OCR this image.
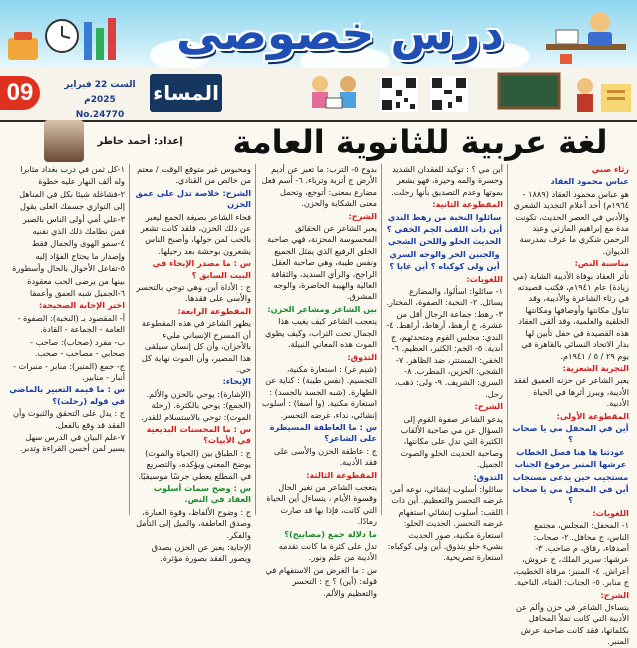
درس خصوصى
09	الست 22 فبراير 2025م
No.24770
المساء
لغة عربية للثانوية العامة
إعداد: أحمد خاطر

رثاء صبي

عباس محمود العقاد

هو عباس محمود العقاد (١٨٨٩ - ١٩٦٤م) أحد أعلام التجديد الشعري والأدبي في العصر الحديث، تكونت مدة مع إبراهيم المازني وعبد الرحمن شكري ما عرف بمدرسة الديوان.

مناسبة النص:

تأثر العقاد بوفاة الأديبة الشابة (مي زيادة) عام ١٩٤١م، فكتب قصيدته في رثاء الشاعرة والأديبة، وقد تناول مكانتها وأوصافها ومكانتها الخلقية والعلمية، وقد ألقى العقاد هذه القصيدة في حفل تأبين لها بدار الاتحاد النسائي بالقاهرة في يوم ٢٩ / ٥ / ١٩٤١م.

التجربة الشعرية:

يعبر الشاعر عن حزنه العميق لفقد الأديبة، ويبرز أثرها في الحياة الأدبية.

المقطوعة الأولى:

أين في المحفل مي يا صحاب ؟

عودتنا ها هنا فصل الخطاب

عرشها المنبر مرفوع الجناب

مستجيب حين يدعى مستجاب

أين في المحفل مي يا صحاب ؟

اللغويات:

١- المحفل: المجلس، مجتمع الناس، ج محافل. ٢- صحاب: أصدقاء، رفاق، م صاحب. ٣- عرشها: سرير الملك، ج عروش، أعراش. ٤- المنبر: مرقاة الخطيب، ج منابر. ٥- الجناب: الفناء، الناحية.

الشرح:

يتساءل الشاعر في حزن وألم عن الأديبة التي كانت تملأ المحافل بكلماتها، فقد كانت صاحبة عرش المنبر.

أين مي ؟ : توكيد للفقدان الشديد وحسرة والمه وحيرة، فهو يشعر بموتها وعدم التصديق بأنها رحلت.

المقطوعة الثانية:

سائلوا النخبة من رهط الندي

أين ذات اللقب الجم الخفي ؟

الحديث الحلو واللحن الشجي

والجبين الحر والوجه السري

أين ولى كوكباه ؟ أين غابا ؟

اللغويات:

١- سائلوا: اسألوا، والمضارع يسائل. ٢- النخبة: الصفوة، المختار. ٣- رهط: جماعة الرجال أقل من عشرة، ج أرهط، أرهاط، أراهط. ٤- الندي: مجلس القوم ومتحدثهم، ج أندية. ٥- الجم: الكثير، العظيم. ٦- الخفي: المستتر، ضد الظاهر. ٧- الشجي: الحزين، المطرب. ٨- السري: الشريف. ٩- ولى: ذهب، رحل.

الشرح:

يدعو الشاعر صفوة القوم إلى السؤال عن مي صاحبة الألقاب الكثيرة التي تدل على مكانتها، وصاحبة الحديث الحلو والصوت الجميل.

التذوق:

سائلوا: أسلوب إنشائي، نوعه أمر، غرضه التحسر والتعظيم. أين ذات اللقب: أسلوب إنشائي استفهام غرضه التحسر. الحديث الحلو: استعارة مكنية، صور الحديث بشيء حلو يتذوق. أين ولى كوكباه: استعارة تصريحية.

بدوح ٥- الترب: ما تعبر عن أديم الأرض ج أتربة وترباء. ٦- أسم فعل مضارع بمعنى: أتوجع، وتحمل معنى الشكاية والحزن.

الشرح:

يعبر الشاعر عن الحقائق المحسوسة المحزنة، فهي صاحبة الخلق الرفيع الذي يمثل الجميع ونفس طيبة، وهي صاحبة العقل الراجح، والرأي السديد، والثقافة العالية والهيبة الحاضرة، والوجه المشرق.

بين الشاعر ومشاعر الحزن:

يتعجب الشاعر كيف يغيب هذا الجمال تحت التراب، وكيف يطوي الموت هذه المعاني النبيلة.

التذوق:

(شيم غر) : استعارة مكنية، التجسيم. (نفس طيبة) : كناية عن الطهارة. (شبه الجسد بالجسد) : استعارة مكنية. (وا أسفا) : أسلوب إنشائي، نداء، غرضه التحسر.

س : ما العاطفة المسيطرة على الشاعر؟

ج : عاطفة الحزن والأسى على فقد الأديبة.

المقطوعة الثالثة:

يتعجب الشاعر من تغير الحال وقسوة الأيام ، يتساءل أين الحياة التي كانت، فإذا بها قد صارت رمادًا.

ما دلالة جمع (مصابيح)؟

تدل على كثرة ما كانت تقدمه الأديبة من علم ونور.

س : ما الغرض من الاستفهام في قوله: (أين) ؟ ج : التحسر والتعظيم والألم.

ومحبوس غير متوقع الوقت / معتم من خالص من القنادي.

الشرح: خلاصة تدل على عمق الحزن

فجاء الشاعر بصيغة الجمع ليعبر عن ذلك الحزن، فلقد كانت تشعر بالحب لمن حولها، وأصبح الناس يشعرون بوحشة بعد رحيلها.

س : ما مصدر الإيحاء في البيت السابق ؟

ج : الأداة أين، وهي توحي بالتحسر والأسى على فقدها.

المقطوعة الرابعة:

يظهر الشاعر في هذه المقطوعة أن المسرح الإنساني مليء بالأحزان، وأن كل إنسان سيلقى هذا المصير، وأن الموت نهاية كل حي.

الإيحاء:

(الإشارة): يوحي بالحزن والألم. (الجمع): يوحي بالكثرة. (رحلة الموت): توحي بالاستسلام للقدر.

س : ما المحسنات البديعية في الأبيات؟

ج : الطباق بين (الحياة والموت) يوضح المعنى ويؤكده، والتصريع في المطلع يعطي جرسًا موسيقيًا.

س : وضح سمات أسلوب العقاد في النص.

ج : وضوح الألفاظ، وقوة العبارة، وصدق العاطفة، والميل إلى التأمل والفكر.

الإجابة: يعبر عن الحزن بصدق ويصور الفقد بصورة مؤثرة.

١-كل ثمن في درب بغداد مثابرا

وله ألف النهار عليه خطوة

٢-فشاغلة شيئا بكل في المناهل

إلى التوازي جسمك العلى يقول

٣-علي أمي أولى الناس بالصبر

فمن نظامك ذلك الذي تفنيه

٤-سمو الهوى والجمال فقط

وإصدار ما يحتاج الفؤاد إليه

٥-تفاعل الأحوال بالحال وأسطورة

بينها من يرضى الحب معقودة

٦-الجميل شبه العمق وأعمقا

اختر الإجابة الصحيحة:

أ- المقصود بـ (النخبة): الصفوة - العامة - الجماعة - القادة.

ب- مفرد (صحاب): صاحب - صحابي - مصاحب - صحب.

ج- جمع (المنبر): منابر - منبرات - أنبار - منابير.

س : ما قيمة التعبير بالماضي في قوله (رحلت)؟

ج : يدل على التحقق والثبوت وأن الفقد قد وقع بالفعل.

٧-علم البيان في الدرس سهل يسير لمن أحسن القراءة وتدبر.
